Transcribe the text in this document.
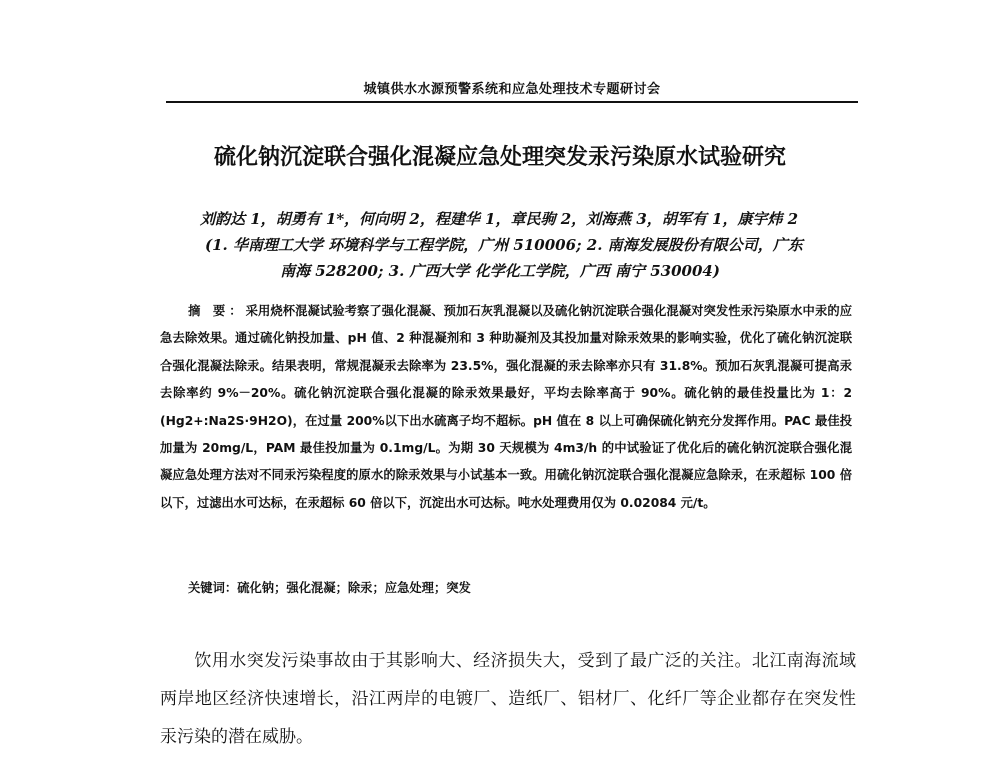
城镇供水水源预警系统和应急处理技术专题研讨会
硫化钠沉淀联合强化混凝应急处理突发汞污染原水试验研究
刘韵达 1，胡勇有 1*，何向明 2，程建华 1，章民驹 2，刘海燕 3，胡军有 1，康宇炜 2
(1. 华南理工大学 环境科学与工程学院，广州 510006; 2. 南海发展股份有限公司，广东
南海 528200; 3. 广西大学 化学化工学院，广西 南宁 530004)
摘 要：采用烧杯混凝试验考察了强化混凝、预加石灰乳混凝以及硫化钠沉淀联合强化混凝对突发性汞污染原水中汞的应急去除效果。通过硫化钠投加量、pH 值、2 种混凝剂和 3 种助凝剂及其投加量对除汞效果的影响实验，优化了硫化钠沉淀联合强化混凝法除汞。结果表明，常规混凝汞去除率为 23.5%，强化混凝的汞去除率亦只有 31.8%。预加石灰乳混凝可提高汞去除率约 9%－20%。硫化钠沉淀联合强化混凝的除汞效果最好，平均去除率高于 90%。硫化钠的最佳投量比为 1：2 (Hg2+:Na2S·9H2O)，在过量 200%以下出水硫离子均不超标。pH 值在 8 以上可确保硫化钠充分发挥作用。PAC 最佳投加量为 20mg/L，PAM 最佳投加量为 0.1mg/L。为期 30 天规模为 4m3/h 的中试验证了优化后的硫化钠沉淀联合强化混凝应急处理方法对不同汞污染程度的原水的除汞效果与小试基本一致。用硫化钠沉淀联合强化混凝应急除汞，在汞超标 100 倍以下，过滤出水可达标，在汞超标 60 倍以下，沉淀出水可达标。吨水处理费用仅为 0.02084 元/t。
关键词：硫化钠；强化混凝；除汞；应急处理；突发
饮用水突发污染事故由于其影响大、经济损失大，受到了最广泛的关注。北江南海流域两岸地区经济快速增长，沿江两岸的电镀厂、造纸厂、铝材厂、化纤厂等企业都存在突发性汞污染的潜在威胁。
